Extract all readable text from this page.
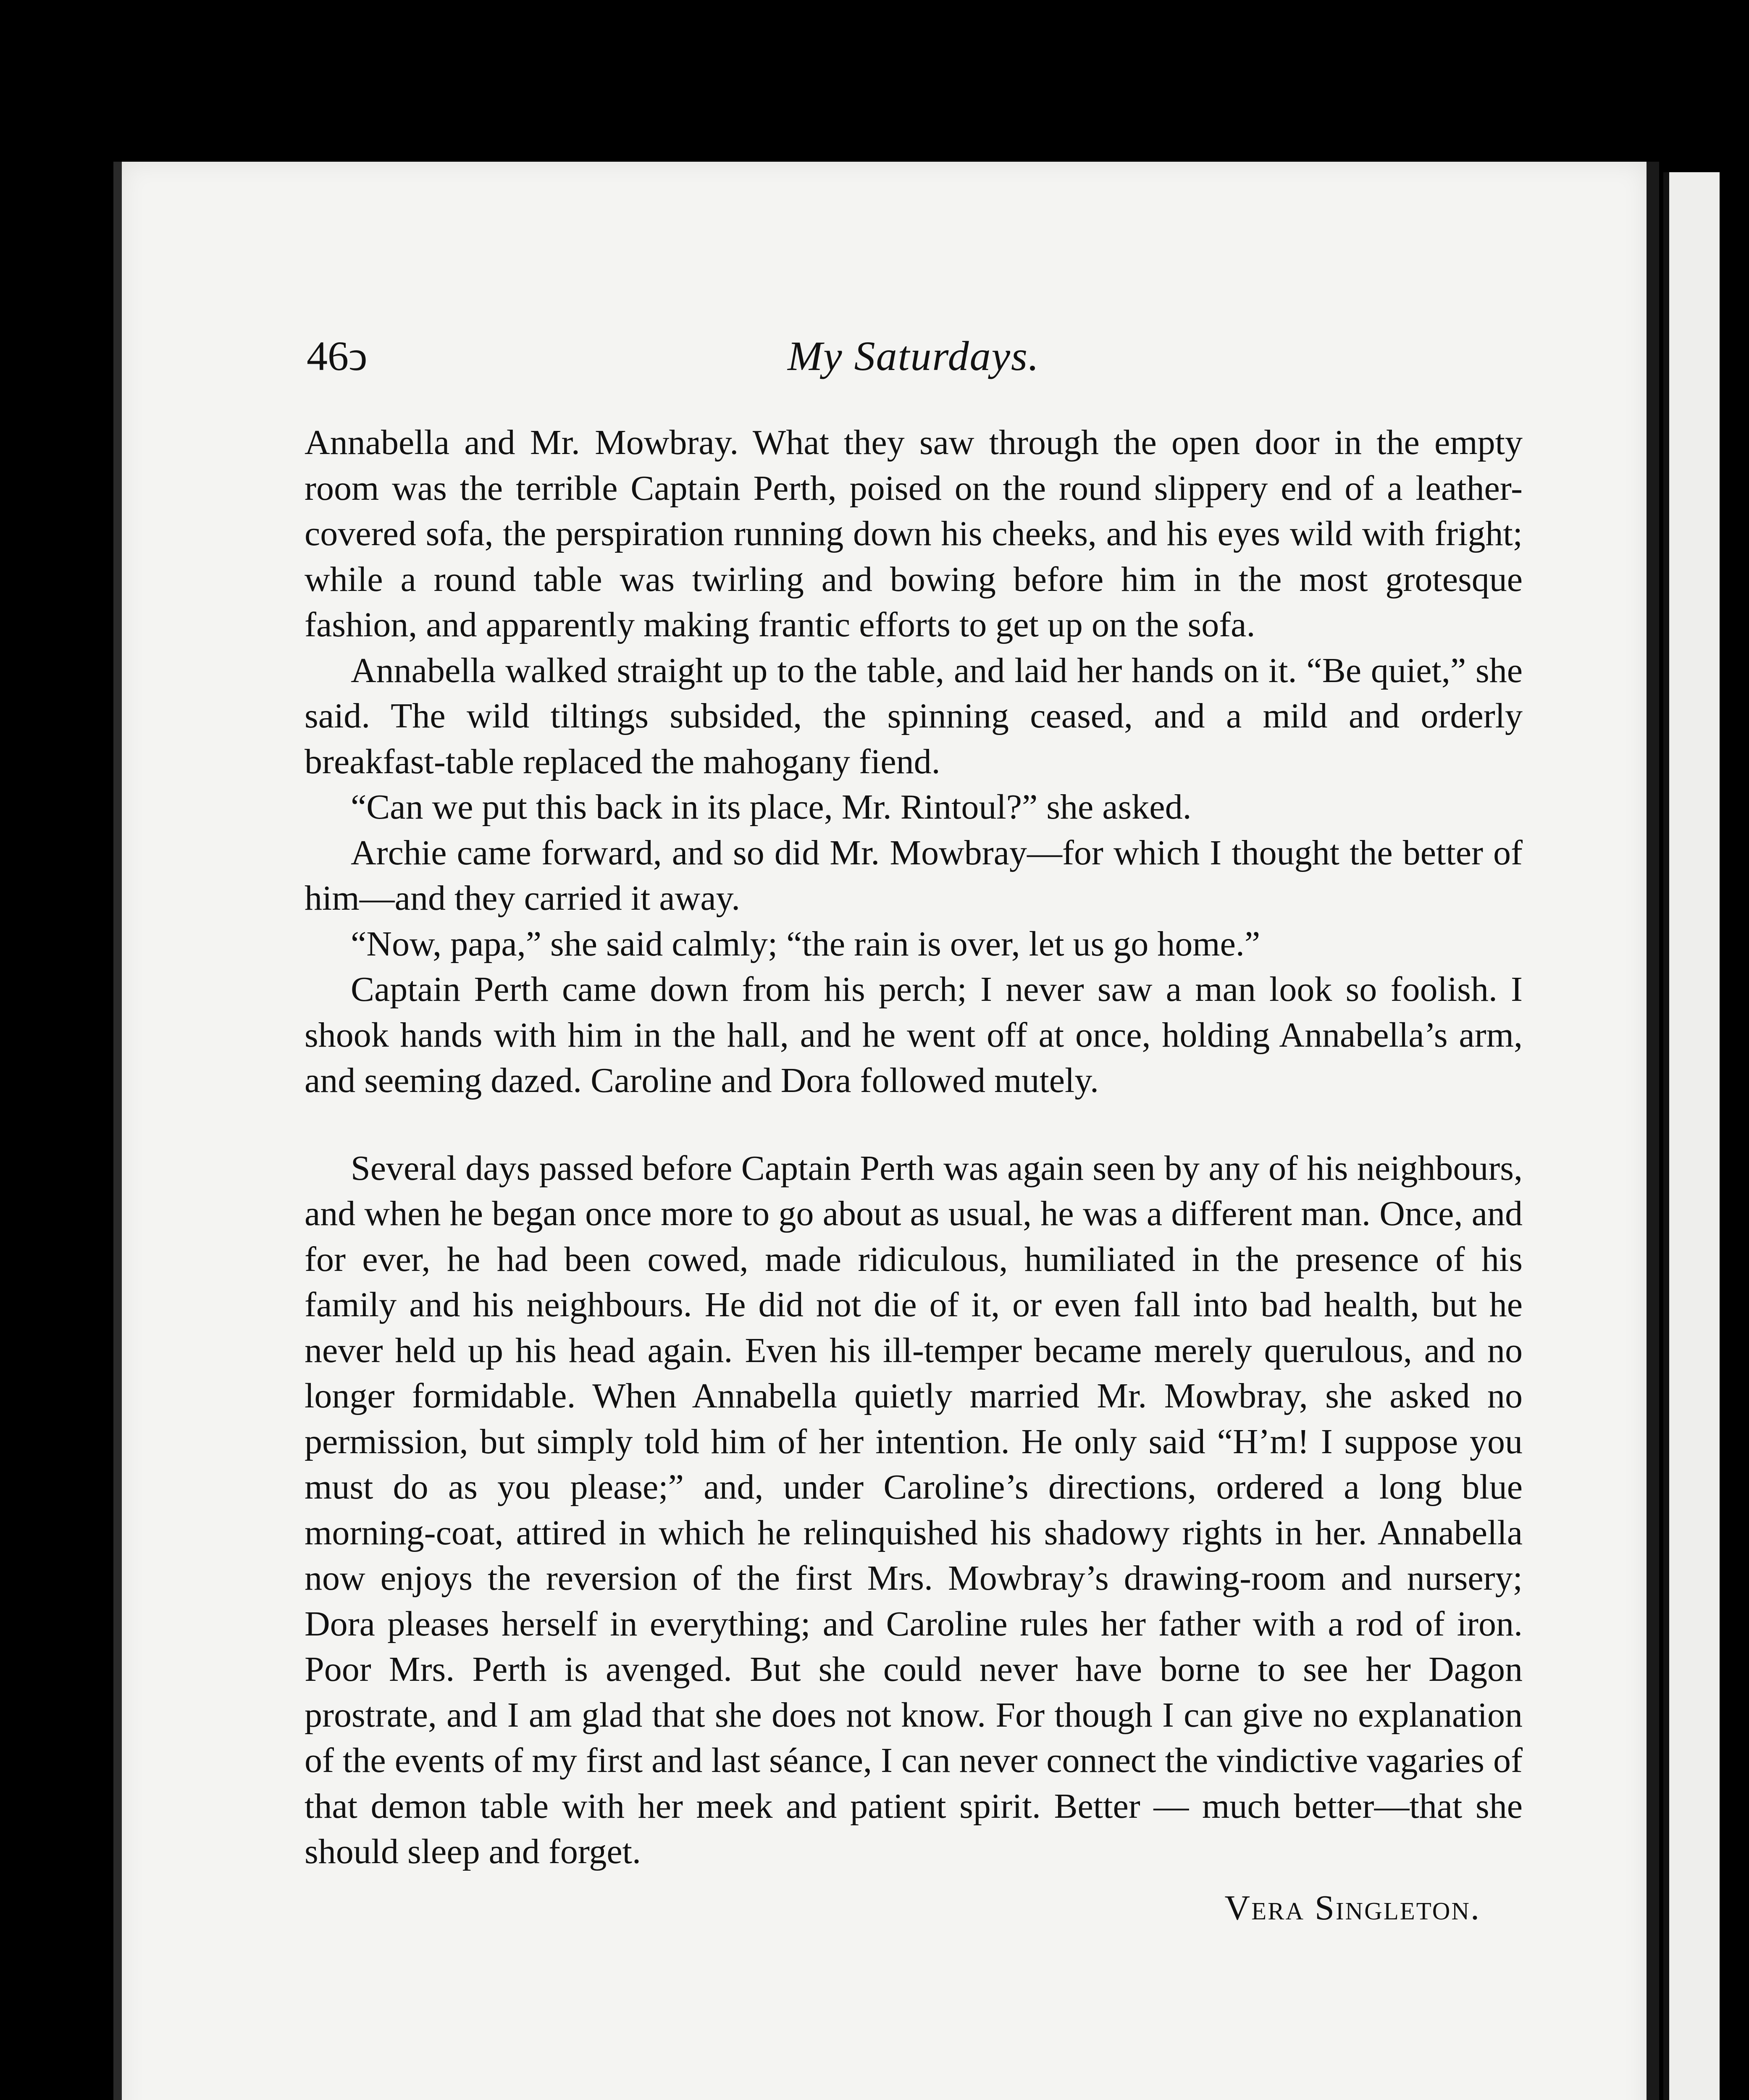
46ↄ	My Saturdays.

Annabella and Mr. Mowbray. What they saw through the open door in the empty room was the terrible Captain Perth, poised on the round slippery end of a leather-covered sofa, the perspiration running down his cheeks, and his eyes wild with fright; while a round table was twirling and bowing before him in the most grotesque fashion, and apparently making frantic efforts to get up on the sofa.

Annabella walked straight up to the table, and laid her hands on it. “Be quiet,” she said. The wild tiltings subsided, the spinning ceased, and a mild and orderly breakfast-table replaced the mahogany fiend.

“Can we put this back in its place, Mr. Rintoul?” she asked.

Archie came forward, and so did Mr. Mowbray—for which I thought the better of him—and they carried it away.

“Now, papa,” she said calmly; “the rain is over, let us go home.”

Captain Perth came down from his perch; I never saw a man look so foolish. I shook hands with him in the hall, and he went off at once, holding Annabella’s arm, and seeming dazed. Caroline and Dora followed mutely.

Several days passed before Captain Perth was again seen by any of his neighbours, and when he began once more to go about as usual, he was a different man. Once, and for ever, he had been cowed, made ridiculous, humiliated in the presence of his family and his neighbours. He did not die of it, or even fall into bad health, but he never held up his head again. Even his ill-temper became merely querulous, and no longer formidable. When Annabella quietly married Mr. Mowbray, she asked no permission, but simply told him of her intention. He only said “H’m! I suppose you must do as you please;” and, under Caroline’s directions, ordered a long blue morning-coat, attired in which he relinquished his shadowy rights in her. Annabella now enjoys the reversion of the first Mrs. Mowbray’s drawing-room and nursery; Dora pleases herself in everything; and Caroline rules her father with a rod of iron. Poor Mrs. Perth is avenged. But she could never have borne to see her Dagon prostrate, and I am glad that she does not know. For though I can give no explanation of the events of my first and last séance, I can never connect the vindictive vagaries of that demon table with her meek and patient spirit. Better — much better—that she should sleep and forget.

Vera Singleton.
